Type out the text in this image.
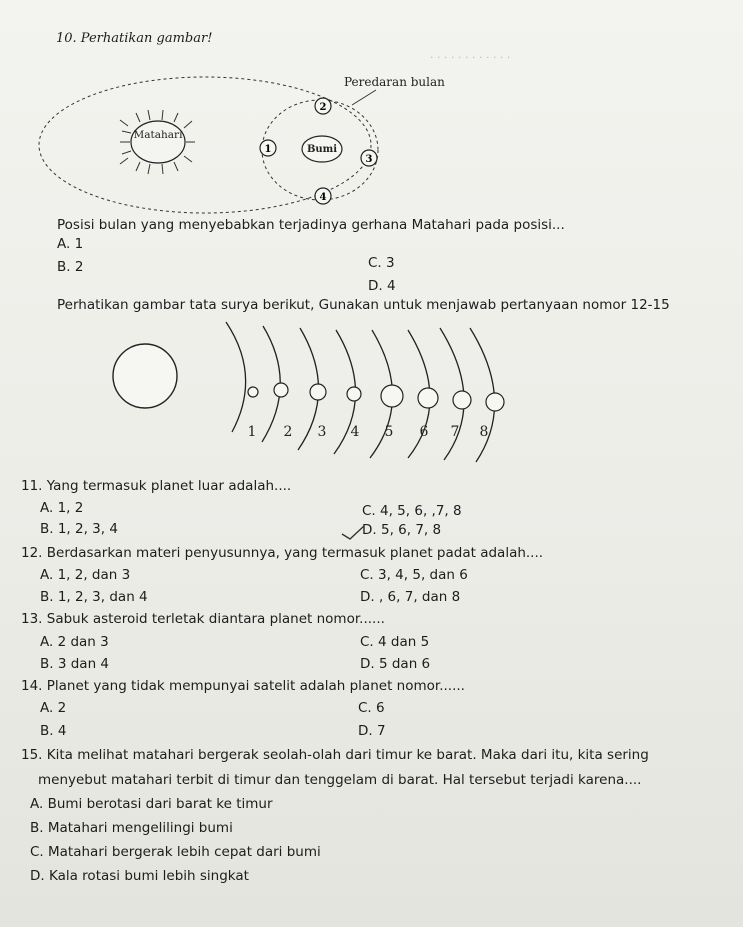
. . . . . . . . . . . .
10. Perhatikan gambar!
Peredaran bulan
Matahari
Bumi
1
2
3
4
Posisi bulan yang menyebabkan terjadinya gerhana Matahari pada posisi...
A. 1
B. 2	C. 3
D. 4
Perhatikan gambar tata surya berikut, Gunakan untuk menjawab pertanyaan nomor 12-15
1 2 3 4 5 6 7 8
11. Yang termasuk planet luar adalah....
A. 1, 2
B. 1, 2, 3, 4
C. 4, 5, 6, ,7, 8
D. 5, 6, 7, 8
12. Berdasarkan materi penyusunnya, yang termasuk planet padat adalah....
A. 1, 2, dan 3
B. 1, 2, 3, dan 4
C. 3, 4, 5, dan 6
D. , 6, 7, dan 8
13. Sabuk asteroid terletak diantara planet nomor......
A. 2 dan 3
B. 3 dan 4
C. 4 dan 5
D. 5 dan 6
14. Planet yang tidak mempunyai satelit adalah planet nomor......
A. 2
B. 4
C. 6
D. 7
15. Kita melihat matahari bergerak seolah-olah dari timur ke barat. Maka dari itu, kita sering
menyebut matahari terbit di timur dan tenggelam di barat. Hal tersebut terjadi karena....
A. Bumi berotasi dari barat ke timur
B. Matahari mengelilingi bumi
C. Matahari bergerak lebih cepat dari bumi
D. Kala rotasi bumi lebih singkat
